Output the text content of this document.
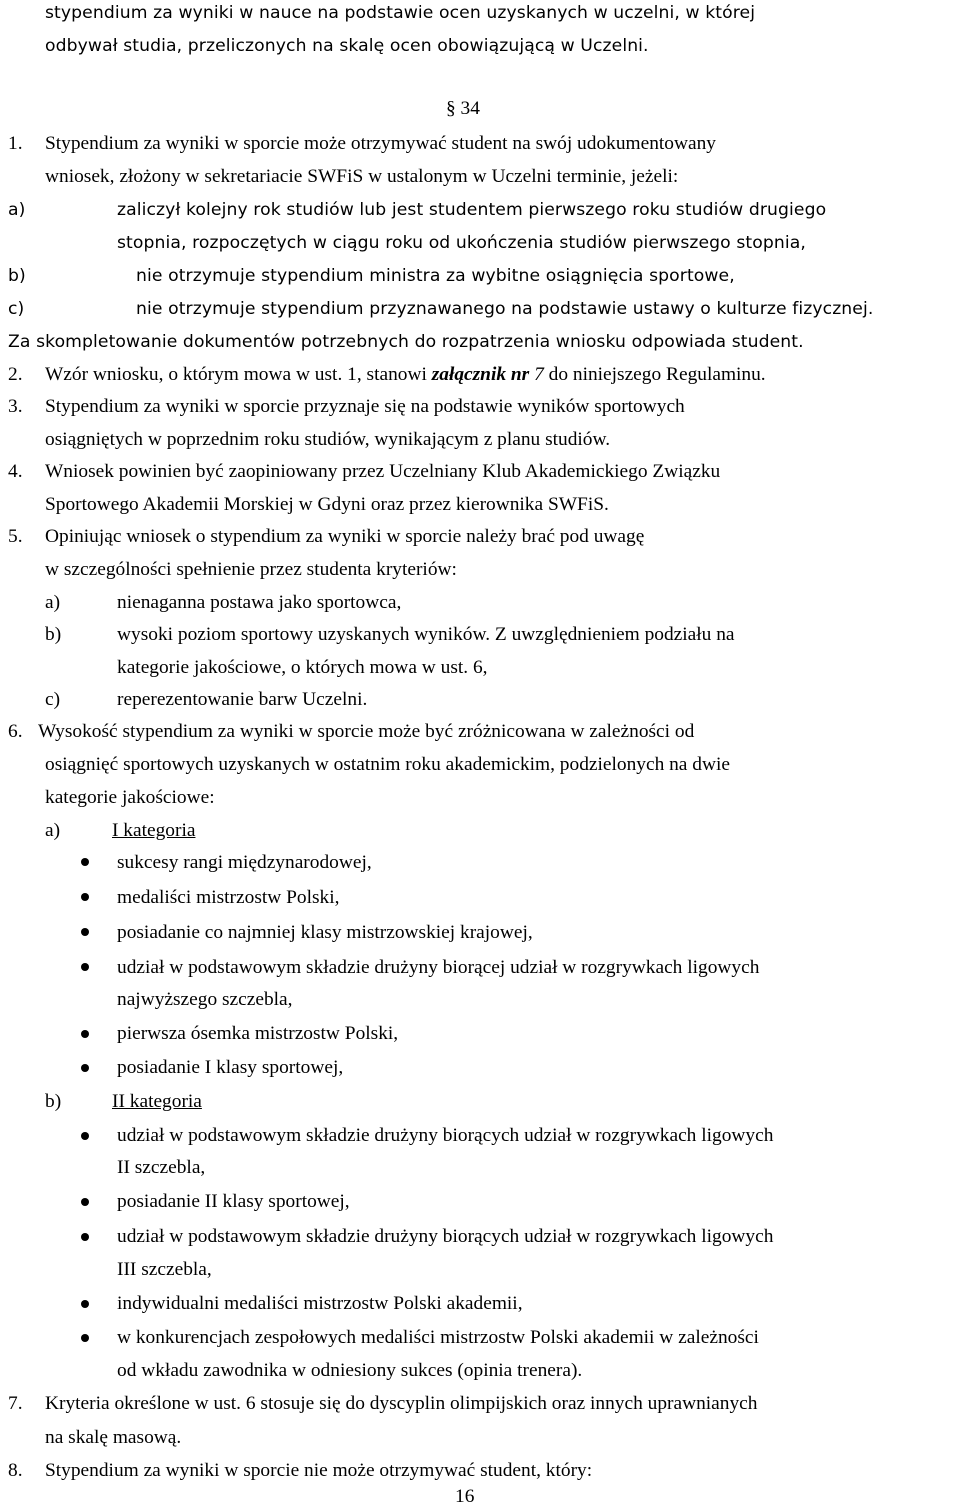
stypendium za wyniki w nauce na podstawie ocen uzyskanych w uczelni, w której
odbywał studia, przeliczonych na skalę ocen obowiązującą w Uczelni.
§ 34
1. Stypendium za wyniki w sporcie może otrzymywać student na swój udokumentowany
wniosek, złożony w sekretariacie SWFiS w ustalonym w Uczelni terminie, jeżeli:
a)	zaliczył kolejny rok studiów lub jest studentem pierwszego roku studiów drugiego
stopnia, rozpoczętych w ciągu roku od ukończenia studiów pierwszego stopnia,
b)	nie otrzymuje stypendium ministra za wybitne osiągnięcia sportowe,
c)	nie otrzymuje stypendium przyznawanego na podstawie ustawy o kulturze fizycznej.
Za skompletowanie dokumentów potrzebnych do rozpatrzenia wniosku odpowiada student.
2. Wzór wniosku, o którym mowa w ust. 1, stanowi załącznik nr 7 do niniejszego Regulaminu.
3. Stypendium za wyniki w sporcie przyznaje się na podstawie wyników sportowych
osiągniętych w poprzednim roku studiów, wynikającym z planu studiów.
4. Wniosek powinien być zaopiniowany przez Uczelniany Klub Akademickiego Związku
Sportowego Akademii Morskiej w Gdyni oraz przez kierownika SWFiS.
5. Opiniując wniosek o stypendium za wyniki w sporcie należy brać pod uwagę
w szczególności spełnienie przez studenta kryteriów:
a)	nienaganna postawa jako sportowca,
b)	wysoki poziom sportowy uzyskanych wyników. Z uwzględnieniem podziału na
kategorie jakościowe, o których mowa w ust. 6,
c)	reperezentowanie barw Uczelni.
6. Wysokość stypendium za wyniki w sporcie może być zróżnicowana w zależności od
osiągnięć sportowych uzyskanych w ostatnim roku akademickim, podzielonych na dwie
kategorie jakościowe:
a)	I kategoria
sukcesy rangi międzynarodowej,
medaliści mistrzostw Polski,
posiadanie co najmniej klasy mistrzowskiej krajowej,
udział w podstawowym składzie drużyny biorącej udział w rozgrywkach ligowych
najwyższego szczebla,
pierwsza ósemka mistrzostw Polski,
posiadanie I klasy sportowej,
b)	II kategoria
udział w podstawowym składzie drużyny biorących udział w rozgrywkach ligowych
II szczebla,
posiadanie II klasy sportowej,
udział w podstawowym składzie drużyny biorących udział w rozgrywkach ligowych
III szczebla,
indywidualni medaliści mistrzostw Polski akademii,
w konkurencjach zespołowych medaliści mistrzostw Polski akademii w zależności
od wkładu zawodnika w odniesiony sukces (opinia trenera).
7. Kryteria określone w ust. 6 stosuje się do dyscyplin olimpijskich oraz innych uprawnianych
na skalę masową.
8. Stypendium za wyniki w sporcie nie może otrzymywać student, który:
16
